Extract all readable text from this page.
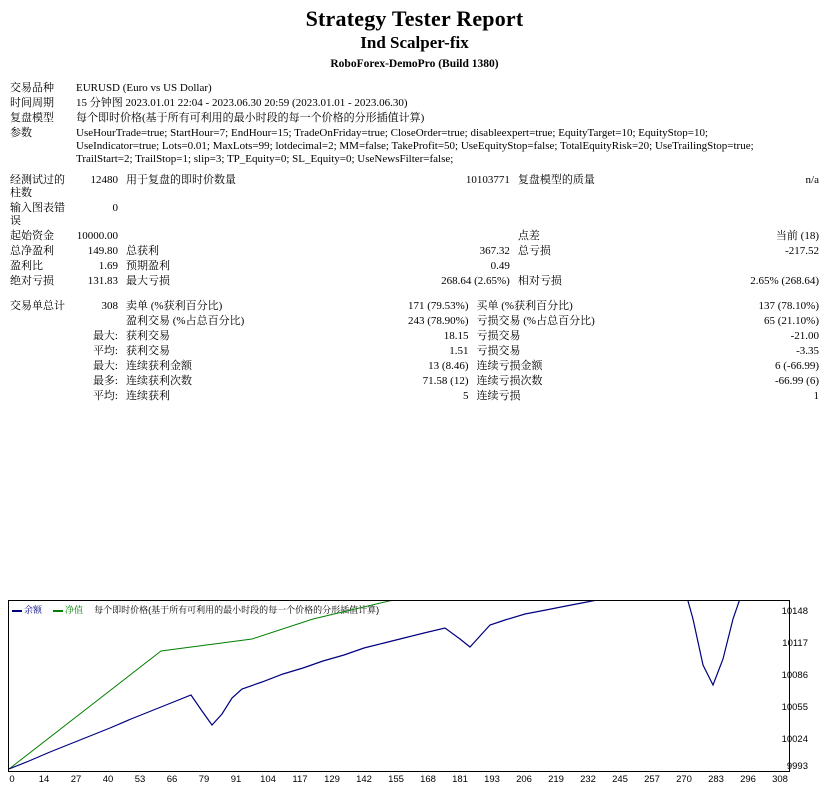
Strategy Tester Report
Ind Scalper-fix
RoboForex-DemoPro (Build 1380)
交易品种	EURUSD (Euro vs US Dollar)
时间周期	15 分钟图 2023.01.01 22:04 - 2023.06.30 20:59 (2023.01.01 - 2023.06.30)
复盘模型	每个即时价格(基于所有可利用的最小时段的每一个价格的分形插值计算)
参数	UseHourTrade=true; StartHour=7; EndHour=15; TradeOnFriday=true; CloseOrder=true; disableexpert=true; EquityTarget=10; EquityStop=10;
UseIndicator=true; Lots=0.01; MaxLots=99; lotdecimal=2; MM=false; TakeProfit=50; UseEquityStop=false; TotalEquityRisk=20; UseTrailingStop=true;
TrailStart=2; TrailStop=1; slip=3; TP_Equity=0; SL_Equity=0; UseNewsFilter=false;
经测试过的柱数	12480	用于复盘的即时价数量	10103771	复盘模型的质量	n/a
输入图表错误	0				
起始资金	10000.00			点差	当前 (18)
总净盈利	149.80	总获利	367.32	总亏损	-217.52
盈利比	1.69	预期盈利	0.49		
绝对亏损	131.83	最大亏损	268.64 (2.65%)	相对亏损	2.65% (268.64)
交易单总计	308	卖单 (%获利百分比)	171 (79.53%)	买单 (%获利百分比)	137 (78.10%)
		盈利交易 (%占总百分比)	243 (78.90%)	亏损交易 (%占总百分比)	65 (21.10%)
	最大:	获利交易	18.15	亏损交易	-21.00
	平均:	获利交易	1.51	亏损交易	-3.35
	最大:	连续获利金额	13 (8.46)	连续亏损金额	6 (-66.99)
	最多:	连续获利次数	71.58 (12)	连续亏损次数	-66.99 (6)
	平均:	连续获利	5	连续亏损	1
余额	净值 每个即时价格(基于所有可利用的最小时段的每一个价格的分形插值计算)	10148
10117
10086
10055
10024
9993
0	14 27 40 53 66 79 91 104 117 129 142 155 168 181 193 206 219 232 245 257 270 283 296 308
